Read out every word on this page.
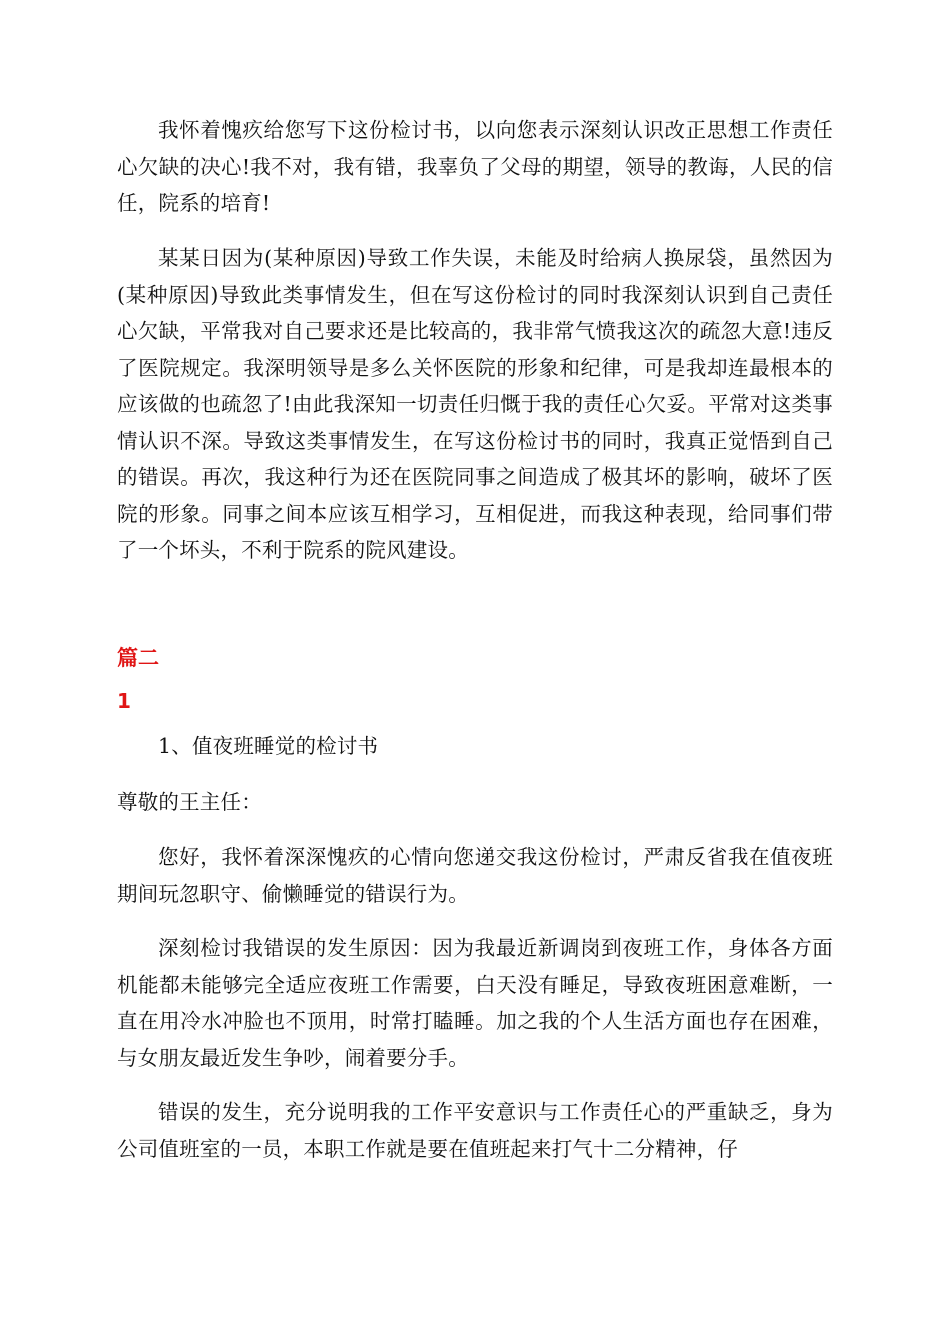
我怀着愧疚给您写下这份检讨书，以向您表示深刻认识改正思想工作责任心欠缺的决心!我不对，我有错，我辜负了父母的期望，领导的教诲，人民的信任，院系的培育!

某某日因为(某种原因)导致工作失误，未能及时给病人换尿袋，虽然因为(某种原因)导致此类事情发生，但在写这份检讨的同时我深刻认识到自己责任心欠缺，平常我对自己要求还是比较高的，我非常气愤我这次的疏忽大意!违反了医院规定。我深明领导是多么关怀医院的形象和纪律，可是我却连最根本的应该做的也疏忽了!由此我深知一切责任归慨于我的责任心欠妥。平常对这类事情认识不深。导致这类事情发生，在写这份检讨书的同时，我真正觉悟到自己的错误。再次，我这种行为还在医院同事之间造成了极其坏的影响，破坏了医院的形象。同事之间本应该互相学习，互相促进，而我这种表现，给同事们带了一个坏头，不利于院系的院风建设。

篇二
1

1、值夜班睡觉的检讨书

尊敬的王主任：

您好，我怀着深深愧疚的心情向您递交我这份检讨，严肃反省我在值夜班期间玩忽职守、偷懒睡觉的错误行为。

深刻检讨我错误的发生原因：因为我最近新调岗到夜班工作，身体各方面机能都未能够完全适应夜班工作需要，白天没有睡足，导致夜班困意难断，一直在用冷水冲脸也不顶用，时常打瞌睡。加之我的个人生活方面也存在困难，与女朋友最近发生争吵，闹着要分手。

错误的发生，充分说明我的工作平安意识与工作责任心的严重缺乏，身为公司值班室的一员，本职工作就是要在值班起来打气十二分精神，仔
